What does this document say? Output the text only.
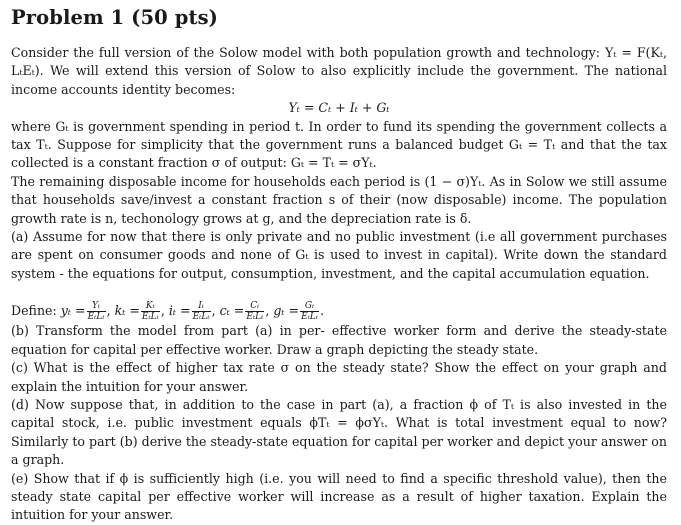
Problem 1 (50 pts)

Consider the full version of the Solow model with both population growth and technology: Yₜ = F(Kₜ, LₜEₜ). We will extend this version of Solow to also explicitly include the government. The national income accounts identity becomes:

Yₜ = Cₜ + Iₜ + Gₜ

where Gₜ is government spending in period t. In order to fund its spending the government collects a tax Tₜ. Suppose for simplicity that the government runs a balanced budget Gₜ = Tₜ and that the tax collected is a constant fraction σ of output: Gₜ = Tₜ = σYₜ.

The remaining disposable income for households each period is (1 − σ)Yₜ. As in Solow we still assume that households save/invest a constant fraction s of their (now disposable) income. The population growth rate is n, techonology grows at g, and the depreciation rate is δ.

(a) Assume for now that there is only private and no public investment (i.e all government purchases are spent on consumer goods and none of Gₜ is used to invest in capital). Write down the standard system - the equations for output, consumption, investment, and the capital accumulation equation.

Define: $y_t = \frac{\text{Yₜ}}{\text{EₜLₜ}}$ , $k_t = \frac{\text{Kₜ}}{\text{EₜLₜ}}$ , $i_t = \frac{\text{Iₜ}}{\text{EₜLₜ}}$ , $c_t = \frac{\text{Cₜ}}{\text{EₜLₜ}}$ , $g_t = \frac{\text{Gₜ}}{\text{EₜLₜ}}$ .

(b) Transform the model from part (a) in per- effective worker form and derive the steady-state equation for capital per effective worker. Draw a graph depicting the steady state.

(c) What is the effect of higher tax rate σ on the steady state? Show the effect on your graph and explain the intuition for your answer.

(d) Now suppose that, in addition to the case in part (a), a fraction ϕ of Tₜ is also invested in the capital stock, i.e. public investment equals ϕTₜ = ϕσYₜ. What is total investment equal to now? Similarly to part (b) derive the steady-state equation for capital per worker and depict your answer on a graph.

(e) Show that if ϕ is sufficiently high (i.e. you will need to find a specific threshold value), then the steady state capital per effective worker will increase as a result of higher taxation. Explain the intuition for your answer.
